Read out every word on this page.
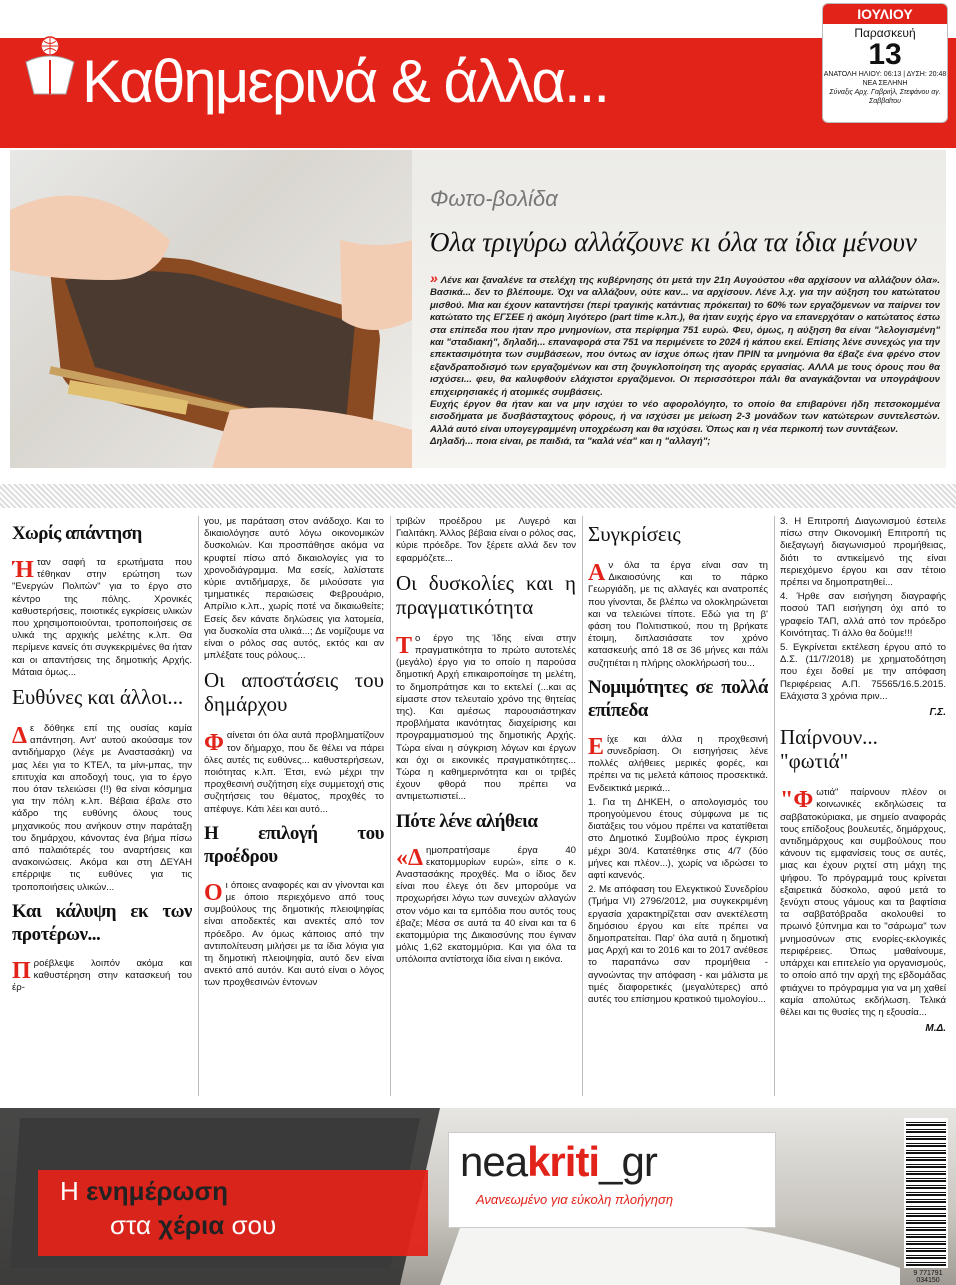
Καθημερινά & άλλα...
ΙΟΥΛΙΟΥ
Παρασκευή
13
ΑΝΑΤΟΛΗ ΗΛΙΟΥ: 06:13 | ΔΥΣΗ: 20:48
ΝΕΑ ΣΕΛΗΝΗ
Σύναξις Αρχ. Γαβριήλ, Στεφάνου αγ. Σαββαΐτου
Φωτο-βολίδα
Όλα τριγύρω αλλάζουνε κι όλα τα ίδια μένουν

» Λένε και ξαναλένε τα στελέχη της κυβέρνησης ότι μετά την 21η Αυγούστου «θα αρχίσουν να αλλάζουν όλα». Βασικά... δεν το βλέπουμε. Όχι να αλλάζουν, ούτε καν... να αρχίσουν. Λένε λ.χ. για την αύξηση του κατώτατου μισθού. Μια και έχουν καταντήσει (περί τραγικής κατάντιας πρόκειται) το 60% των εργαζόμενων να παίρνει τον κατώτατο της ΕΓΣΕΕ ή ακόμη λιγότερο (part time κ.λπ.), θα ήταν ευχής έργο να επανερχόταν ο κατώτατος έστω στα επίπεδα που ήταν προ μνημονίων, στα περίφημα 751 ευρώ. Φευ, όμως, η αύξηση θα είναι "λελογισμένη" και "σταδιακή", δηλαδή... επαναφορά στα 751 να περιμένετε το 2024 ή κάπου εκεί. Επίσης λένε συνεχώς για την επεκτασιμότητα των συμβάσεων, που όντως αν ίσχυε όπως ήταν ΠΡΙΝ τα μνημόνια θα έβαζε ένα φρένο στον εξανδραποδισμό των εργαζομένων και στη ζουγκλοποίηση της αγοράς εργασίας. ΑΛΛΑ με τους όρους που θα ισχύσει... φευ, θα καλυφθούν ελάχιστοι εργαζόμενοι. Οι περισσότεροι πάλι θα αναγκάζονται να υπογράψουν επιχειρησιακές ή ατομικές συμβάσεις.

Ευχής έργον θα ήταν και να μην ισχύει το νέο αφορολόγητο, το οποίο θα επιβαρύνει ήδη πετσοκομμένα εισοδήματα με δυσβάσταχτους φόρους, ή να ισχύσει με μείωση 2-3 μονάδων των κατώτερων συντελεστών. Αλλά αυτό είναι υπογεγραμμένη υποχρέωση και θα ισχύσει. Όπως και η νέα περικοπή των συντάξεων.

Δηλαδή... ποια είναι, ρε παιδιά, τα "καλά νέα" και η "αλλαγή";

Χωρίς απάντηση

Ήταν σαφή τα ερωτήματα που τέθηκαν στην ερώτηση των "Ενεργών Πολιτών" για το έργο στο κέντρο της πόλης. Χρονικές καθυστερήσεις, ποιοτικές εγκρίσεις υλικών που χρησιμοποιούνται, τροποποιήσεις σε υλικά της αρχικής μελέτης κ.λπ. Θα περίμενε κανείς ότι συγκεκριμένες θα ήταν και οι απαντήσεις της δημοτικής Αρχής. Μάταια όμως...

Ευθύνες και άλλοι...

Δε δόθηκε επί της ουσίας καμία απάντηση. Αντ' αυτού ακούσαμε τον αντιδήμαρχο (λέγε με Αναστασάκη) να μας λέει για το ΚΤΕΛ, τα μίνι-μπας, την επιτυχία και αποδοχή τους, για το έργο που όταν τελειώσει (!!) θα είναι κόσμημα για την πόλη κ.λπ. Βέβαια έβαλε στο κάδρο της ευθύνης όλους τους μηχανικούς που ανήκουν στην παράταξη του δημάρχου, κάνοντας ένα βήμα πίσω από παλαιότερές του αναρτήσεις και ανακοινώσεις. Ακόμα και στη ΔΕΥΑΗ επέρριψε τις ευθύνες για τις τροποποιήσεις υλικών...

Και κάλυψη εκ των προτέρων...

Προέβλεψε λοιπόν ακόμα και καθυστέρηση στην κατασκευή του έρ-

γου, με παράταση στον ανάδοχο. Και το δικαιολόγησε αυτό λόγω οικονομικών δυσκολιών. Και προσπάθησε ακόμα να κρυφτεί πίσω από δικαιολογίες για το χρονοδιάγραμμα. Μα εσείς, λαλίστατε κύριε αντιδήμαρχε, δε μιλούσατε για τμηματικές περαιώσεις Φεβρουάριο, Απρίλιο κ.λπ., χωρίς ποτέ να δικαιωθείτε; Εσείς δεν κάνατε δηλώσεις για λατομεία, για δυσκολία στα υλικά...; Δε νομίζουμε να είναι ο ρόλος σας αυτός, εκτός και αν μπλέξατε τους ρόλους...

Οι αποστάσεις του δημάρχου

Φαίνεται ότι όλα αυτά προβληματίζουν τον δήμαρχο, που δε θέλει να πάρει όλες αυτές τις ευθύνες... καθυστερήσεων, ποιότητας κ.λπ. Έτσι, ενώ μέχρι την προχθεσινή συζήτηση είχε συμμετοχή στις συζητήσεις του θέματος, προχθές το απέφυγε. Κάτι λέει και αυτό...

Η επιλογή του προέδρου

Οι όποιες αναφορές και αν γίνονται και με όποιο περιεχόμενο από τους συμβούλους της δημοτικής πλειοψηφίας είναι αποδεκτές και ανεκτές από τον πρόεδρο. Αν όμως κάποιος από την αντιπολίτευση μιλήσει με τα ίδια λόγια για τη δημοτική πλειοψηφία, αυτό δεν είναι ανεκτό από αυτόν. Και αυτό είναι ο λόγος των προχθεσινών έντονων

τριβών προέδρου με Λυγερό και Γιαλιτάκη. Άλλος βέβαια είναι ο ρόλος σας, κύριε πρόεδρε. Τον ξέρετε αλλά δεν τον εφαρμόζετε...

Οι δυσκολίες και η πραγματικότητα

Το έργο της Ίδης είναι στην πραγματικότητα το πρώτο αυτοτελές (μεγάλο) έργο για το οποίο η παρούσα δημοτική Αρχή επικαιροποίησε τη μελέτη, το δημοπράτησε και το εκτελεί (...και ας είμαστε στον τελευταίο χρόνο της θητείας της). Και αμέσως παρουσιάστηκαν προβλήματα ικανότητας διαχείρισης και προγραμματισμού της δημοτικής Αρχής. Τώρα είναι η σύγκριση λόγων και έργων και όχι οι εικονικές πραγματικότητες... Τώρα η καθημερινότητα και οι τριβές έχουν φθορά που πρέπει να αντιμετωπιστεί...

Πότε λένε αλήθεια

«Δημοπρατήσαμε έργα 40 εκατομμυρίων ευρώ», είπε ο κ. Αναστασάκης προχθές. Μα ο ίδιος δεν είναι που έλεγε ότι δεν μπορούμε να προχωρήσει λόγω των συνεχών αλλαγών στον νόμο και τα εμπόδια που αυτός τους έβαζε; Μέσα σε αυτά τα 40 είναι και τα 6 εκατομμύρια της Δικαιοσύνης που έγιναν μόλις 1,62 εκατομμύρια. Και για όλα τα υπόλοιπα αντίστοιχα ίδια είναι η εικόνα.

Συγκρίσεις

Αν όλα τα έργα είναι σαν τη Δικαιοσύνης και το πάρκο Γεωργιάδη, με τις αλλαγές και ανατροπές που γίνονται, δε βλέπω να ολοκληρώνεται και να τελειώνει τίποτε. Εδώ για τη β' φάση του Πολιτιστικού, που τη βρήκατε έτοιμη, διπλασιάσατε τον χρόνο κατασκευής από 18 σε 36 μήνες και πάλι συζητιέται η πλήρης ολοκλήρωσή του...

Νομιμότητες σε πολλά επίπεδα

Είχε και άλλα η προχθεσινή συνεδρίαση. Οι εισηγήσεις λένε πολλές αλήθειες μερικές φορές, και πρέπει να τις μελετά κάποιος προσεκτικά. Ενδεικτικά μερικά...

1. Για τη ΔΗΚΕΗ, ο απολογισμός του προηγούμενου έτους σύμφωνα με τις διατάξεις του νόμου πρέπει να κατατίθεται στο Δημοτικό Συμβούλιο προς έγκριση μέχρι 30/4. Κατατέθηκε στις 4/7 (δύο μήνες και πλέον...), χωρίς να ιδρώσει το αφτί κανενός.

2. Με απόφαση του Ελεγκτικού Συνεδρίου (Τμήμα VI) 2796/2012, μια συγκεκριμένη εργασία χαρακτηρίζεται σαν ανεκτέλεστη δημόσιου έργου και είτε πρέπει να δημοπρατείται. Παρ' όλα αυτά η δημοτική μας Αρχή και το 2016 και το 2017 ανέθεσε το παραπάνω σαν προμήθεια - αγνοώντας την απόφαση - και μάλιστα με τιμές διαφορετικές (μεγαλύτερες) από αυτές του επίσημου κρατικού τιμολογίου...

3. Η Επιτροπή Διαγωνισμού έστειλε πίσω στην Οικονομική Επιτροπή τις διεξαγωγή διαγωνισμού προμήθειας, διότι το αντικείμενό της είναι περιεχόμενο έργου και σαν τέτοιο πρέπει να δημοπρατηθεί...

4. Ήρθε σαν εισήγηση διαγραφής ποσού ΤΑΠ εισήγηση όχι από το γραφείο ΤΑΠ, αλλά από τον πρόεδρο Κοινότητας. Τι άλλο θα δούμε!!!

5. Εγκρίνεται εκτέλεση έργου από το Δ.Σ. (11/7/2018) με χρηματοδότηση που έχει δοθεί με την απόφαση Περιφέρειας Α.Π. 75565/16.5.2015. Ελάχιστα 3 χρόνια πριν...

Γ.Σ.
Παίρνουν... "φωτιά"

"Φωτιά" παίρνουν πλέον οι κοινωνικές εκδηλώσεις τα σαββατοκύριακα, με σημείο αναφοράς τους επίδοξους βουλευτές, δημάρχους, αντιδημάρχους και συμβούλους που κάνουν τις εμφανίσεις τους σε αυτές, μιας και έχουν ριχτεί στη μάχη της ψήφου. Το πρόγραμμά τους κρίνεται εξαιρετικά δύσκολο, αφού μετά το ξενύχτι στους γάμους και τα βαφτίσια τα σαββατόβραδα ακολουθεί το πρωινό ξύπνημα και το "σάρωμα" των μνημοσύνων στις ενορίες-εκλογικές περιφέρειες. Όπως μαθαίνουμε, υπάρχει και επιτελείο για οργανισμούς, το οποίο από την αρχή της εβδομάδας φτιάχνει το πρόγραμμα για να μη χαθεί καμία απολύτως εκδήλωση. Τελικά θέλει και τις θυσίες της η εξουσία...

Μ.Δ.
Η ενημέρωση
στα χέρια σου
neakriti_gr
Ανανεωμένο για εύκολη πλοήγηση
9 771791 034150
